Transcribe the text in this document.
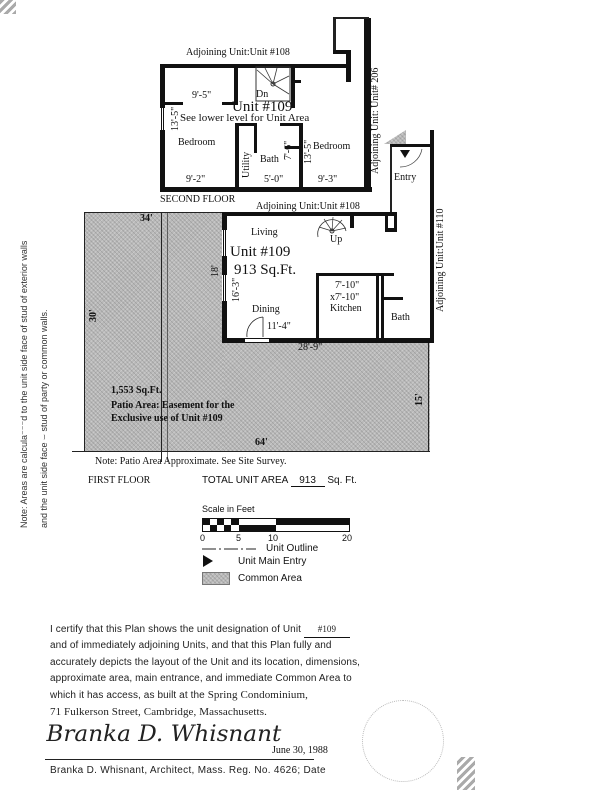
Note: Areas are calcula⁻⁻⁻d to the unit side face of stud of exterior walls	and the unit side face ⌣ stud of party or common walls.
Adjoining Unit:Unit #108
Dn
Unit #109
See lower level for Unit Area
9'-5"
13'-5"
Bedroom
9'-2"
Utility
7'-6"
Bath
5'-0"
13'-5" Bedroom
9'-3"
Adjoining Unit: Unit# 206
SECOND FLOOR
34'
30'
1,553 Sq.Ft.
Patio Area: Easement for the
Exclusive use of Unit #109
64'
15'
Note: Patio Area Approximate. See Site Survey.
Up
Adjoining Unit:Unit #108
Living
Unit #109
913 Sq.Ft.
18'
16'-3"
Dining
11'-4"
28'-9"
7'-10"
x7'-10"
Kitchen
Bath
Entry
Adjoining Unit:Unit #110
FIRST FLOOR	TOTAL UNIT AREA 913 Sq. Ft.
Scale in Feet
0	5	10	20
Unit Outline
Unit Main Entry
Common Area
I certify that this Plan shows the unit designation of Unit #109
and of immediately adjoining Units, and that this Plan fully and
accurately depicts the layout of the Unit and its location, dimensions,
approximate area, main entrance, and immediate Common Area to
which it has access, as built at the Spring Condominium,
71 Fulkerson Street, Cambridge, Massachusetts.
Branka D. Whisnant
June 30, 1988
Branka D. Whisnant, Architect, Mass. Reg. No. 4626; Date
